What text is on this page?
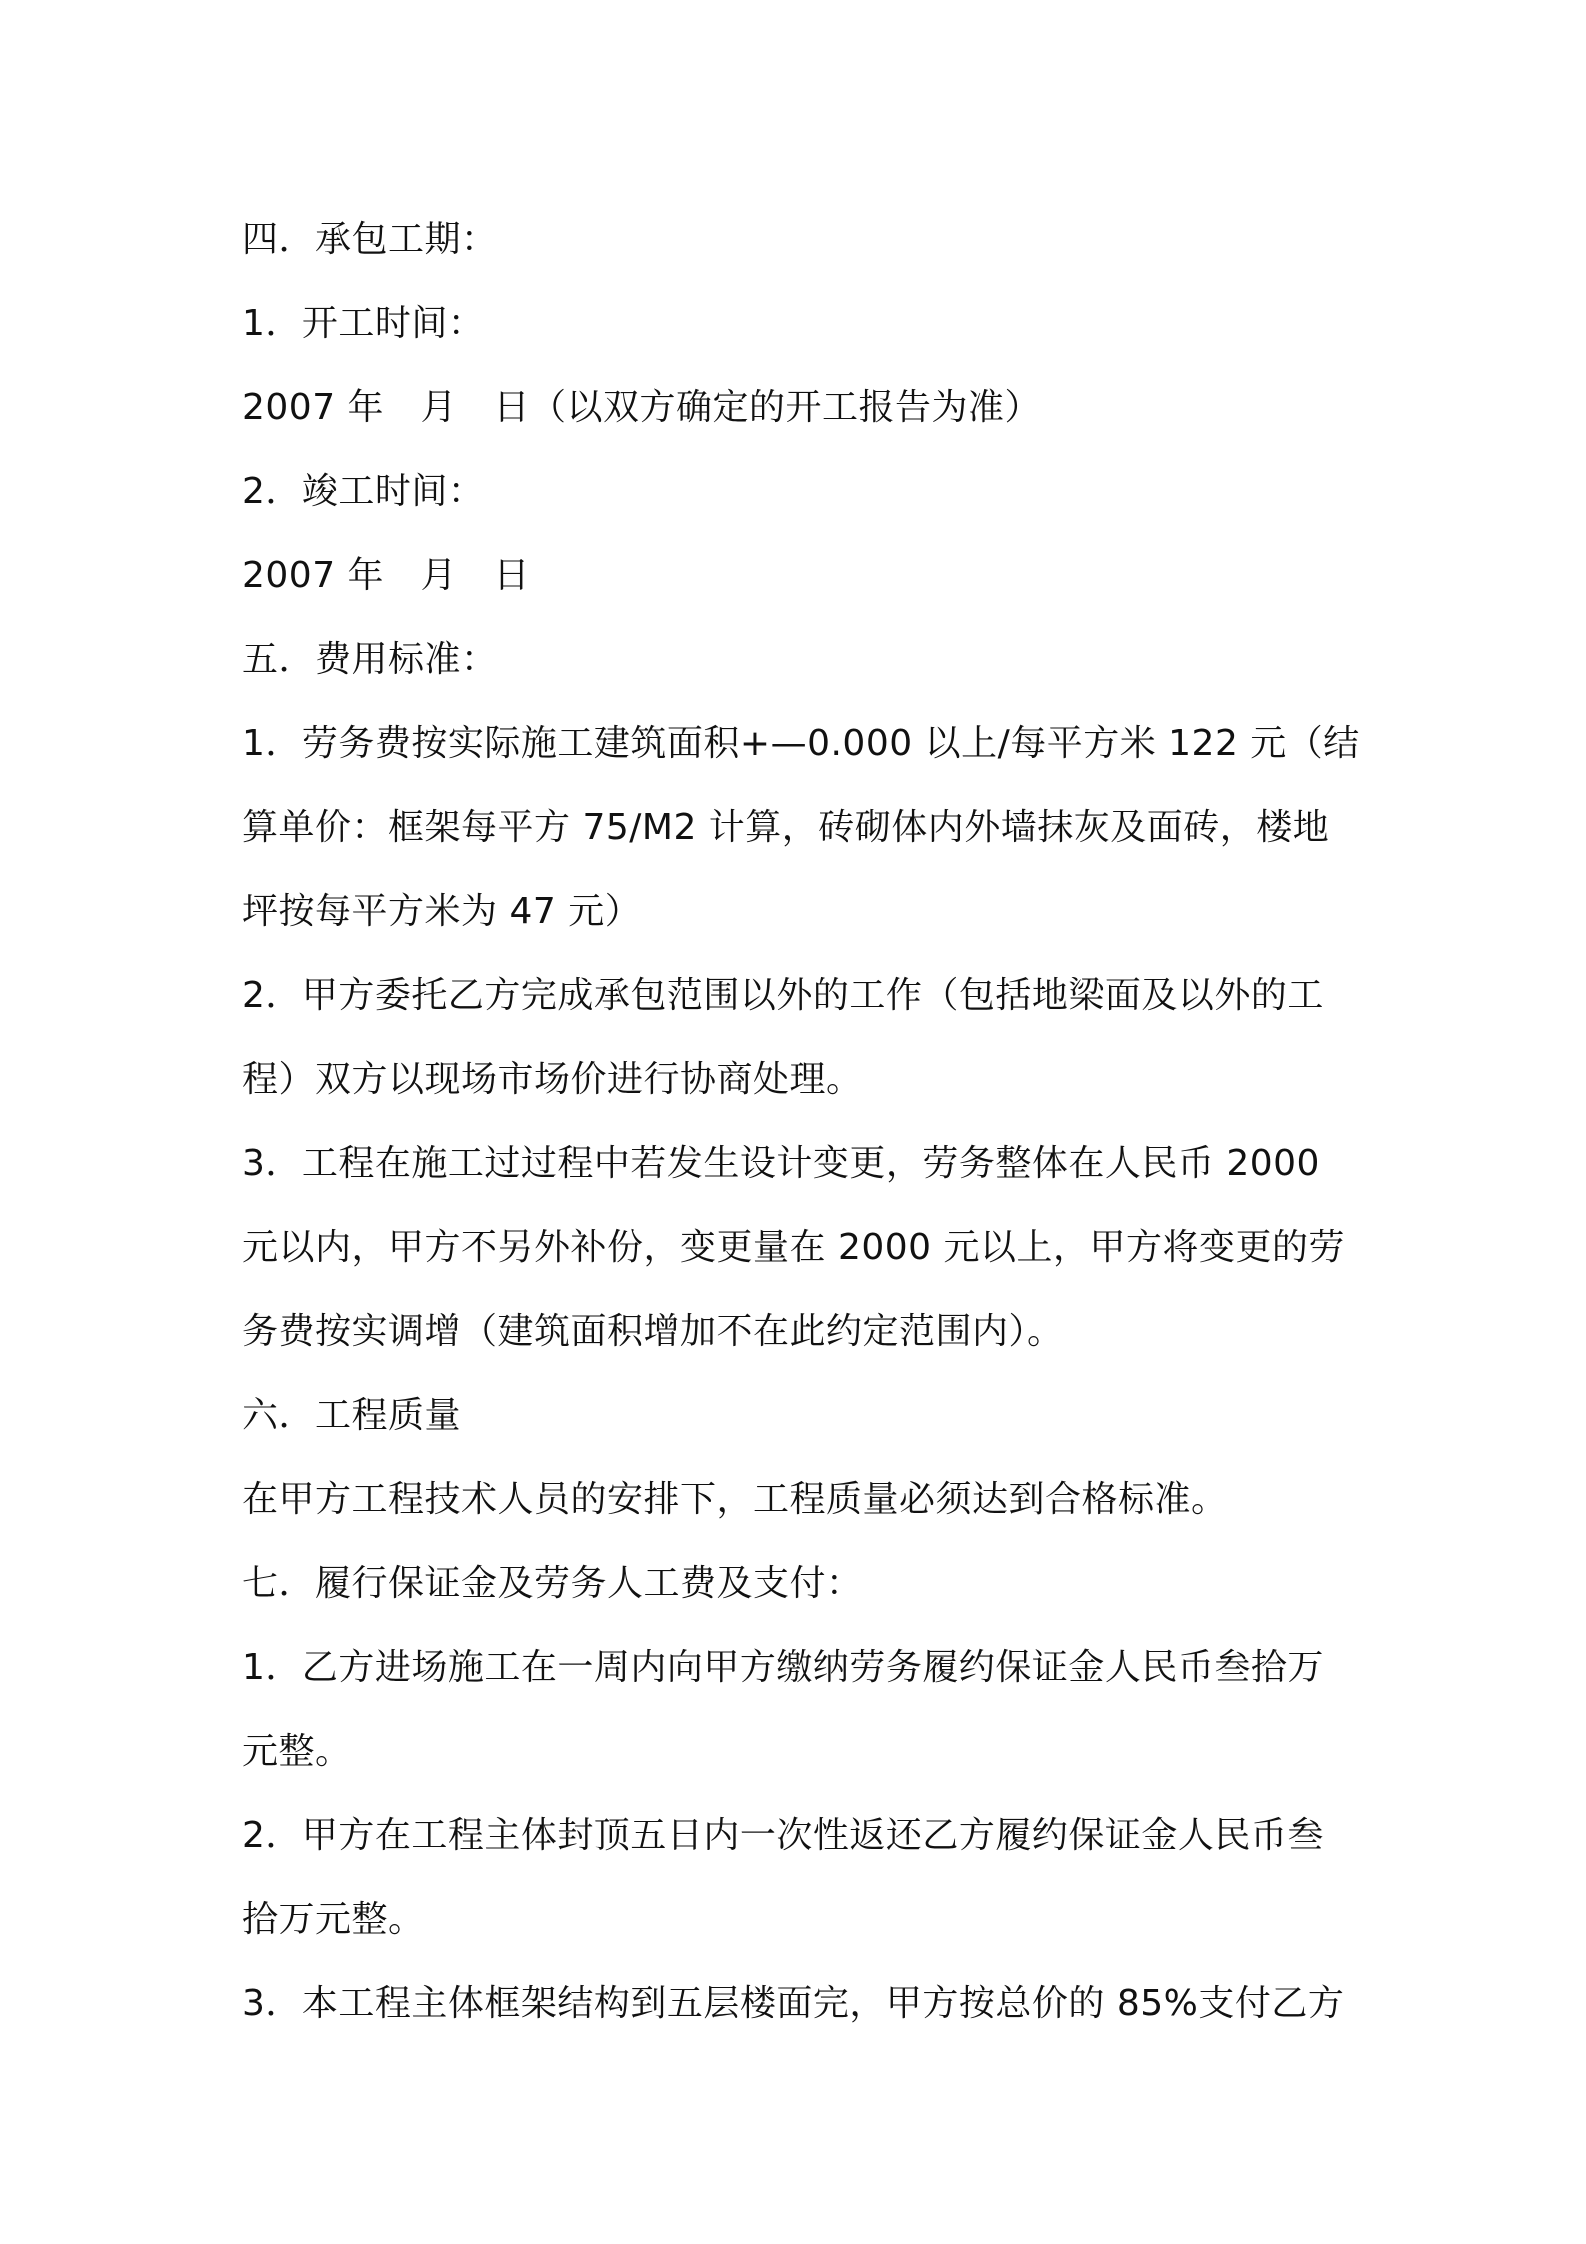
四．承包工期：
1．开工时间：
2007 年　月　日（以双方确定的开工报告为准）
2．竣工时间：
2007 年　月　日
五．费用标准：
1．劳务费按实际施工建筑面积+—0.000 以上/每平方米 122 元（结
算单价：框架每平方 75/M2 计算，砖砌体内外墙抹灰及面砖，楼地
坪按每平方米为 47 元）
2．甲方委托乙方完成承包范围以外的工作（包括地梁面及以外的工
程）双方以现场市场价进行协商处理。
3．工程在施工过过程中若发生设计变更，劳务整体在人民币 2000
元以内，甲方不另外补份，变更量在 2000 元以上，甲方将变更的劳
务费按实调增（建筑面积增加不在此约定范围内）。
六．工程质量
在甲方工程技术人员的安排下，工程质量必须达到合格标准。
七．履行保证金及劳务人工费及支付：
1．乙方进场施工在一周内向甲方缴纳劳务履约保证金人民币叁拾万
元整。
2．甲方在工程主体封顶五日内一次性返还乙方履约保证金人民币叁
拾万元整。
3．本工程主体框架结构到五层楼面完，甲方按总价的 85%支付乙方
